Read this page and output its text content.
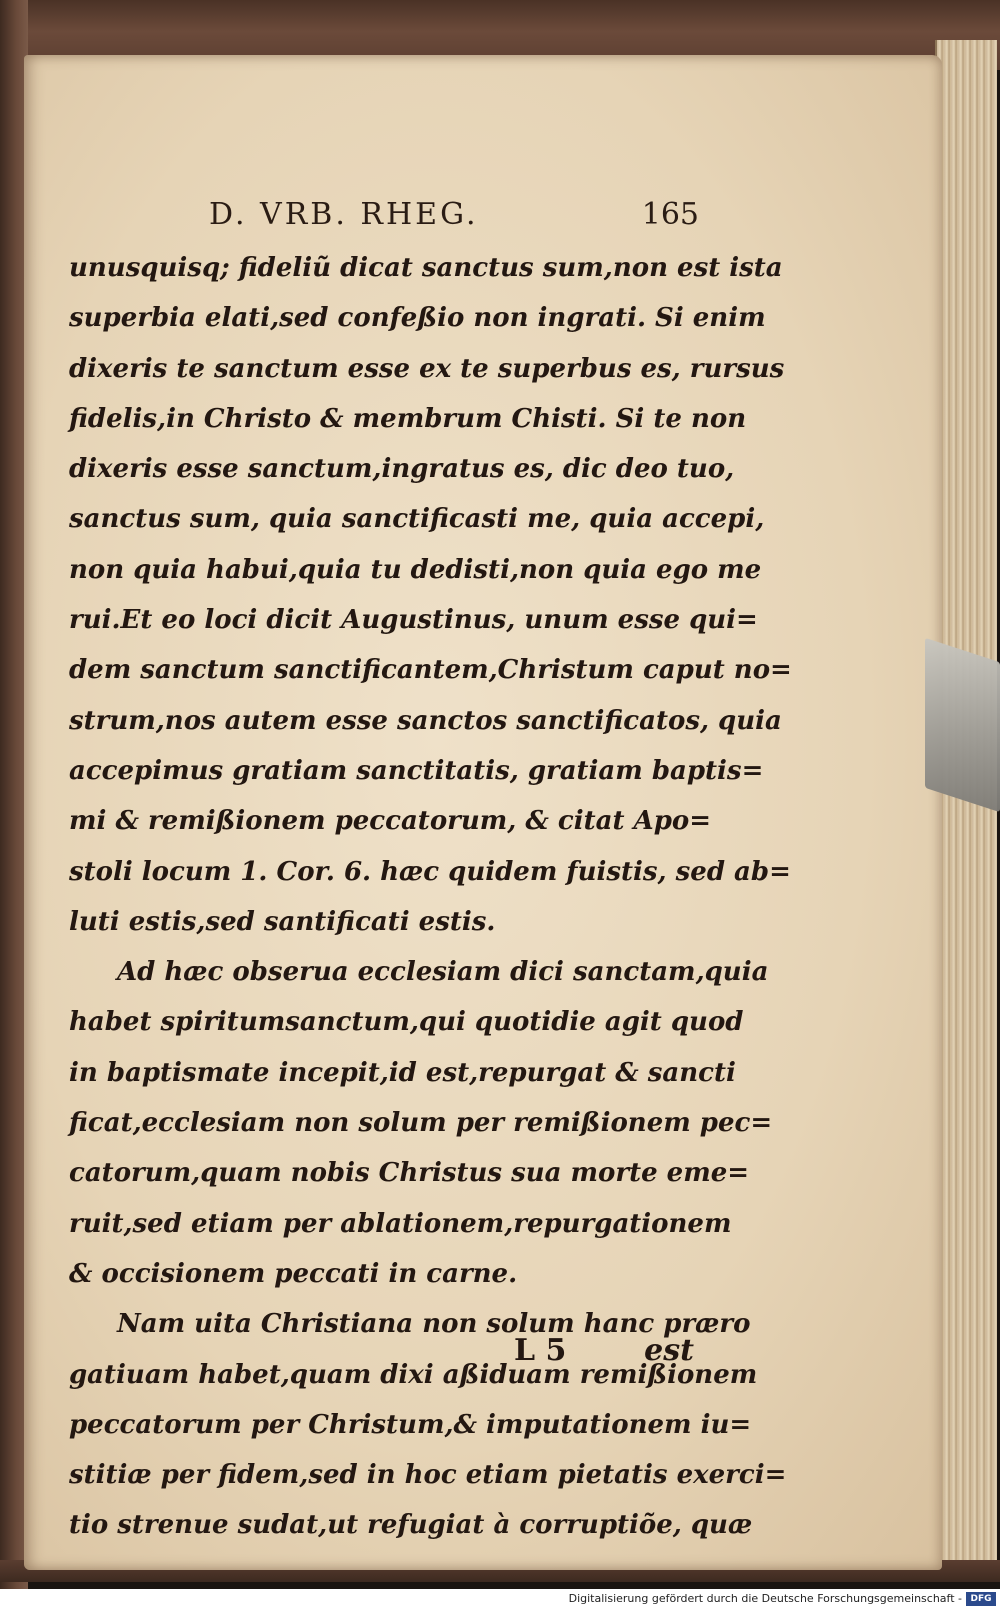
D. VRB. RHEG.	165
unusquisq; fideliũ dicat sanctus sum,non est ista
superbia elati,sed confeßio non ingrati. Si enim
dixeris te sanctum esse ex te superbus es, rursus
fidelis,in Christo & membrum Chisti. Si te non
dixeris esse sanctum,ingratus es, dic deo tuo,
sanctus sum, quia sanctificasti me, quia accepi,
non quia habui,quia tu dedisti,non quia ego me
rui.Et eo loci dicit Augustinus, unum esse qui=
dem sanctum sanctificantem,Christum caput no=
strum,nos autem esse sanctos sanctificatos, quia
accepimus gratiam sanctitatis, gratiam baptis=
mi & remißionem peccatorum, & citat Apo=
stoli locum 1. Cor. 6. hæc quidem fuistis, sed ab=
luti estis,sed santificati estis.
Ad hæc obserua ecclesiam dici sanctam,quia
habet spiritumsanctum,qui quotidie agit quod
in baptismate incepit,id est,repurgat & sancti
ficat,ecclesiam non solum per remißionem pec=
catorum,quam nobis Christus sua morte eme=
ruit,sed etiam per ablationem,repurgationem
& occisionem peccati in carne.
Nam uita Christiana non solum hanc præro
gatiuam habet,quam dixi aßiduam remißionem
peccatorum per Christum,& imputationem iu=
stitiæ per fidem,sed in hoc etiam pietatis exerci=
tio strenue sudat,ut refugiat à corruptiõe, quæ
L 5	est
Digitalisierung gefördert durch die Deutsche Forschungsgemeinschaft - DFG
